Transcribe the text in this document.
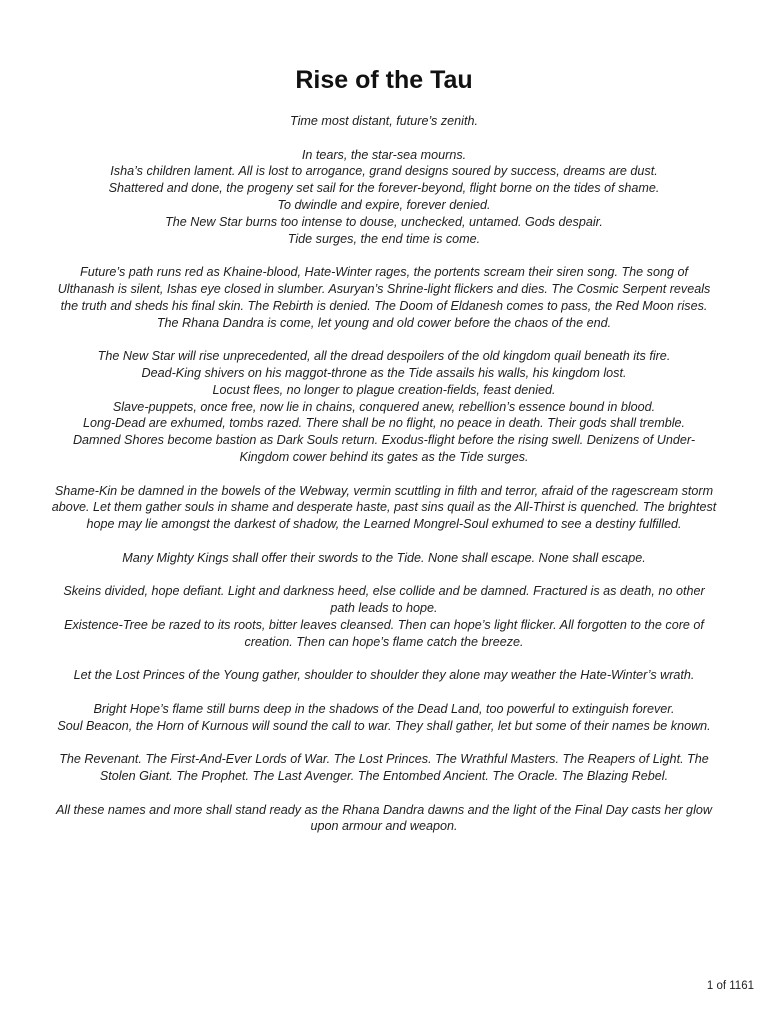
Rise of the Tau
Time most distant, future’s zenith.
In tears, the star-sea mourns.
Isha’s children lament. All is lost to arrogance, grand designs soured by success, dreams are dust.
Shattered and done, the progeny set sail for the forever-beyond, flight borne on the tides of shame.
To dwindle and expire, forever denied.
The New Star burns too intense to douse, unchecked, untamed. Gods despair.
Tide surges, the end time is come.
Future’s path runs red as Khaine-blood, Hate-Winter rages, the portents scream their siren song. The song of Ulthanash is silent, Ishas eye closed in slumber. Asuryan’s Shrine-light flickers and dies. The Cosmic Serpent reveals the truth and sheds his final skin. The Rebirth is denied. The Doom of Eldanesh comes to pass, the Red Moon rises.
The Rhana Dandra is come, let young and old cower before the chaos of the end.
The New Star will rise unprecedented, all the dread despoilers of the old kingdom quail beneath its fire.
Dead-King shivers on his maggot-throne as the Tide assails his walls, his kingdom lost.
Locust flees, no longer to plague creation-fields, feast denied.
Slave-puppets, once free, now lie in chains, conquered anew, rebellion’s essence bound in blood.
Long-Dead are exhumed, tombs razed. There shall be no flight, no peace in death. Their gods shall tremble.
Damned Shores become bastion as Dark Souls return. Exodus-flight before the rising swell. Denizens of Under-Kingdom cower behind its gates as the Tide surges.
Shame-Kin be damned in the bowels of the Webway, vermin scuttling in filth and terror, afraid of the ragescream storm above. Let them gather souls in shame and desperate haste, past sins quail as the All-Thirst is quenched. The brightest hope may lie amongst the darkest of shadow, the Learned Mongrel-Soul exhumed to see a destiny fulfilled.
Many Mighty Kings shall offer their swords to the Tide. None shall escape. None shall escape.
Skeins divided, hope defiant. Light and darkness heed, else collide and be damned. Fractured is as death, no other path leads to hope.
Existence-Tree be razed to its roots, bitter leaves cleansed. Then can hope’s light flicker. All forgotten to the core of creation. Then can hope’s flame catch the breeze.
Let the Lost Princes of the Young gather, shoulder to shoulder they alone may weather the Hate-Winter’s wrath.
Bright Hope’s flame still burns deep in the shadows of the Dead Land, too powerful to extinguish forever.
Soul Beacon, the Horn of Kurnous will sound the call to war. They shall gather, let but some of their names be known.
The Revenant. The First-And-Ever Lords of War. The Lost Princes. The Wrathful Masters. The Reapers of Light. The Stolen Giant. The Prophet. The Last Avenger. The Entombed Ancient. The Oracle. The Blazing Rebel.
All these names and more shall stand ready as the Rhana Dandra dawns and the light of the Final Day casts her glow upon armour and weapon.
1 of 1161
